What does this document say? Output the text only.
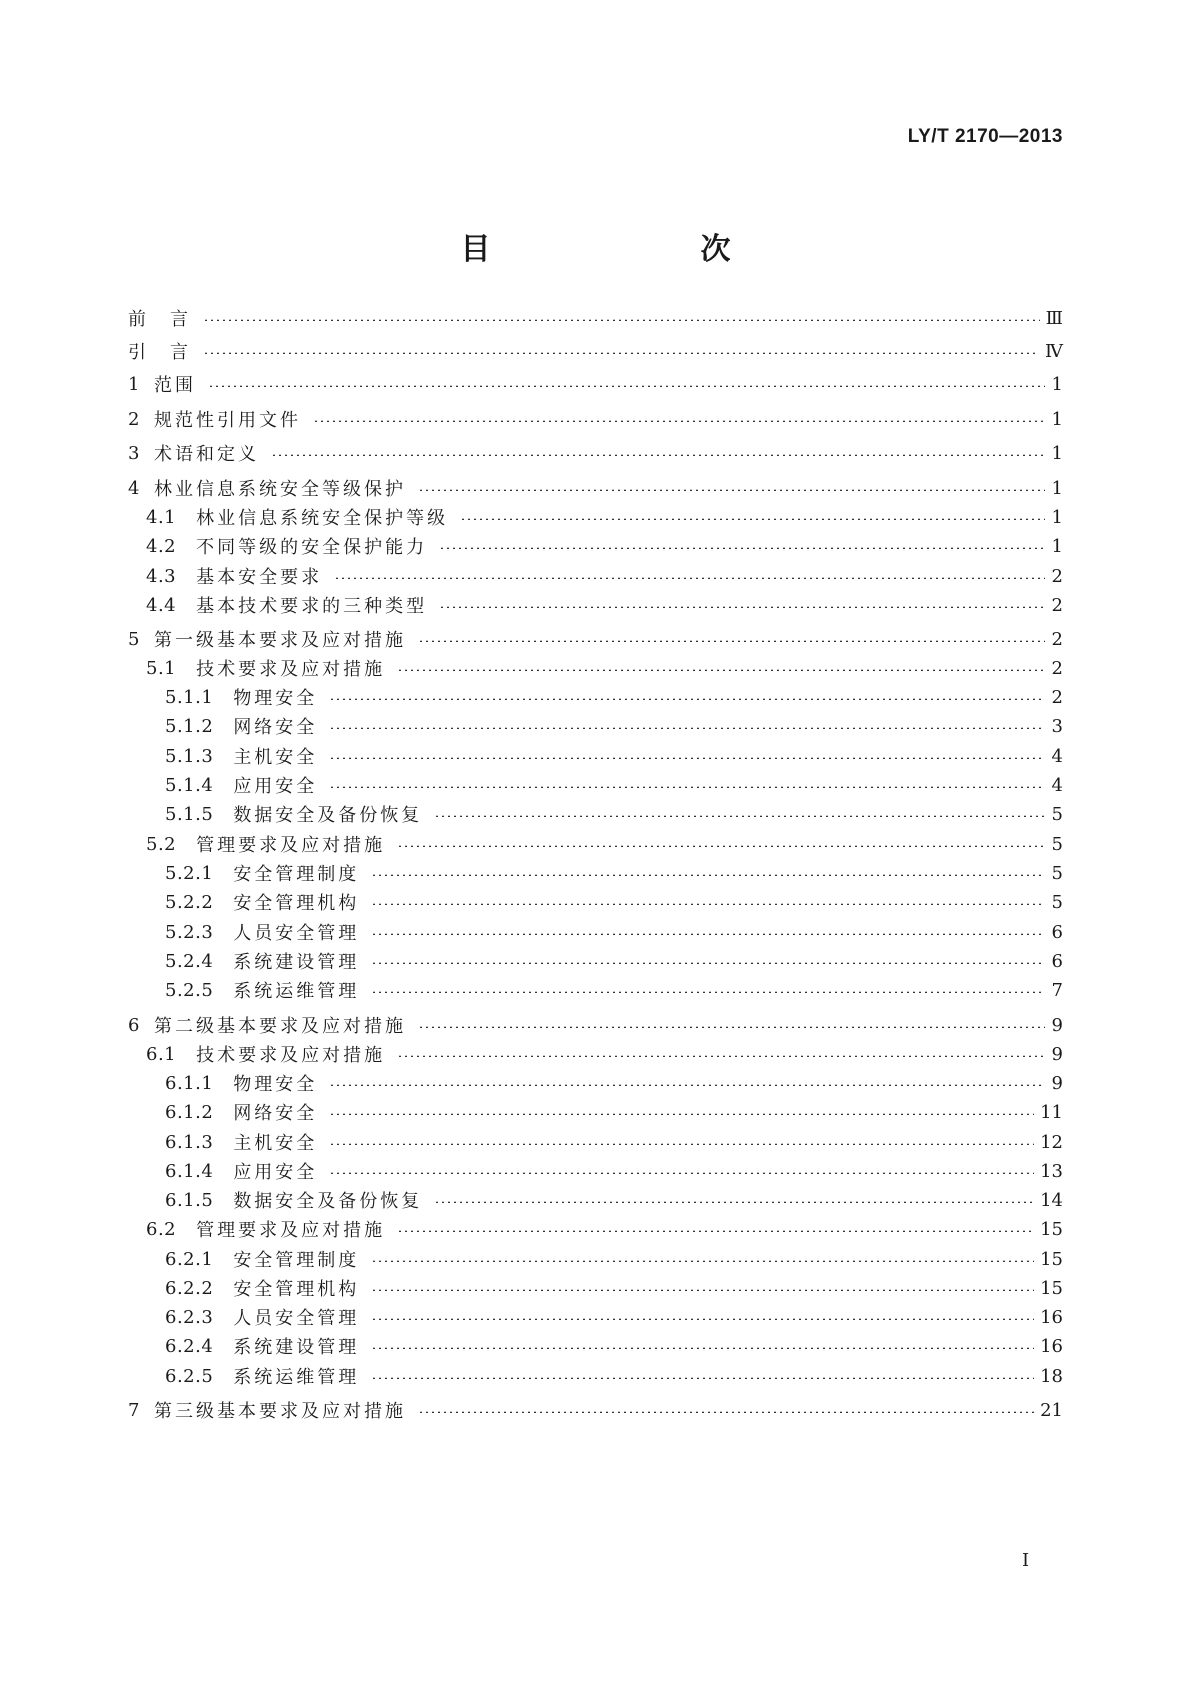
LY/T 2170—2013
目　　次
前　言	Ⅲ
引　言	Ⅳ
1 范围	1
2 规范性引用文件	1
3 术语和定义	1
4 林业信息系统安全等级保护	1
4.1 林业信息系统安全保护等级	1
4.2 不同等级的安全保护能力	1
4.3 基本安全要求	2
4.4 基本技术要求的三种类型	2
5 第一级基本要求及应对措施	2
5.1 技术要求及应对措施	2
5.1.1 物理安全	2
5.1.2 网络安全	3
5.1.3 主机安全	4
5.1.4 应用安全	4
5.1.5 数据安全及备份恢复	5
5.2 管理要求及应对措施	5
5.2.1 安全管理制度	5
5.2.2 安全管理机构	5
5.2.3 人员安全管理	6
5.2.4 系统建设管理	6
5.2.5 系统运维管理	7
6 第二级基本要求及应对措施	9
6.1 技术要求及应对措施	9
6.1.1 物理安全	9
6.1.2 网络安全	11
6.1.3 主机安全	12
6.1.4 应用安全	13
6.1.5 数据安全及备份恢复	14
6.2 管理要求及应对措施	15
6.2.1 安全管理制度	15
6.2.2 安全管理机构	15
6.2.3 人员安全管理	16
6.2.4 系统建设管理	16
6.2.5 系统运维管理	18
7 第三级基本要求及应对措施	21
I
